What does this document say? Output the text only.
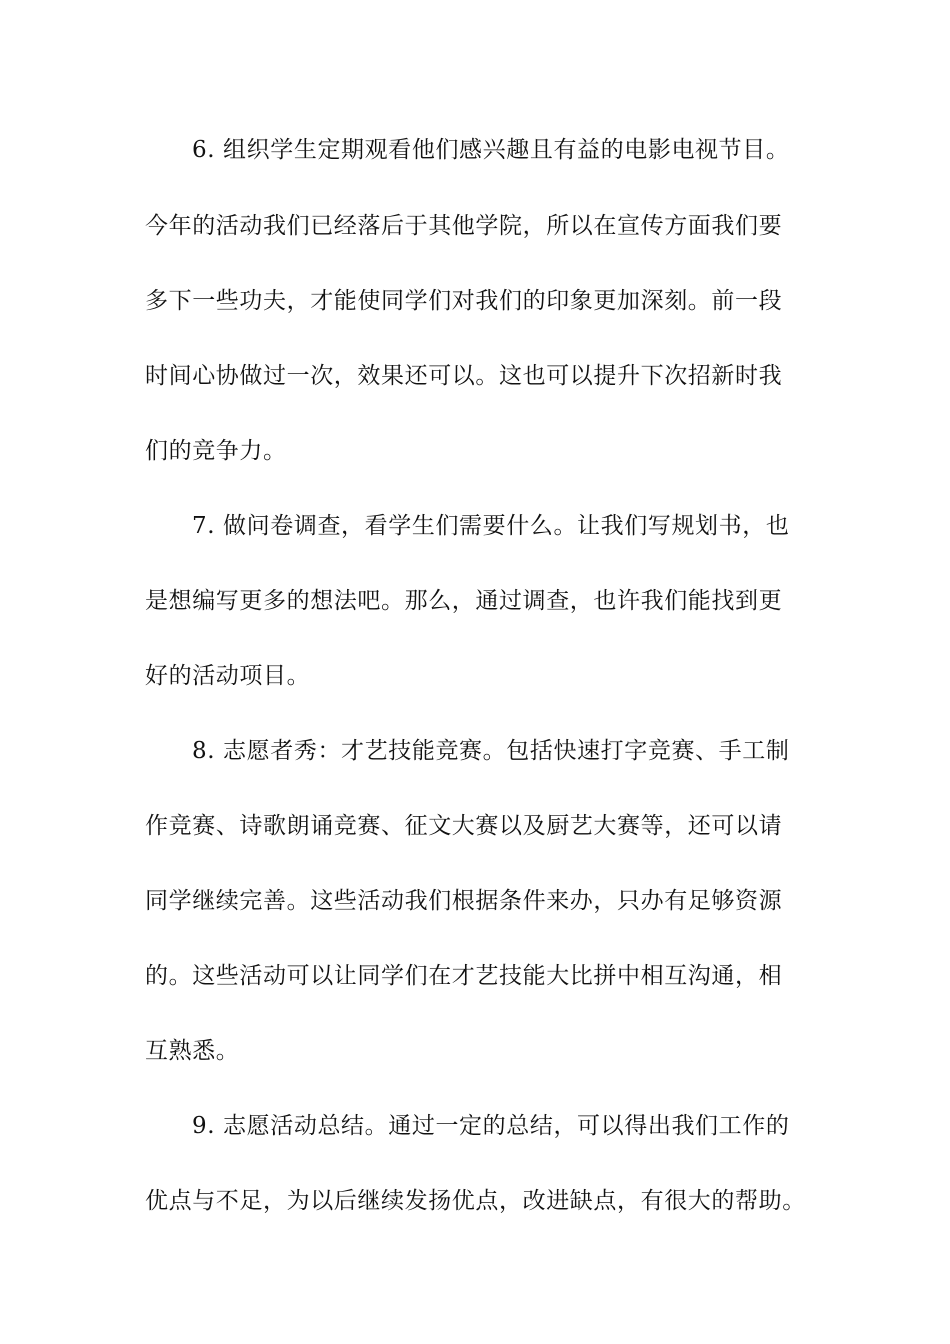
6. 组织学生定期观看他们感兴趣且有益的电影电视节目。
今年的活动我们已经落后于其他学院，所以在宣传方面我们要
多下一些功夫，才能使同学们对我们的印象更加深刻。前一段
时间心协做过一次，效果还可以。这也可以提升下次招新时我
们的竞争力。
7. 做问卷调查，看学生们需要什么。让我们写规划书，也
是想编写更多的想法吧。那么，通过调查，也许我们能找到更
好的活动项目。
8. 志愿者秀：才艺技能竞赛。包括快速打字竞赛、手工制
作竞赛、诗歌朗诵竞赛、征文大赛以及厨艺大赛等，还可以请
同学继续完善。这些活动我们根据条件来办，只办有足够资源
的。这些活动可以让同学们在才艺技能大比拼中相互沟通，相
互熟悉。
9. 志愿活动总结。通过一定的总结，可以得出我们工作的
优点与不足，为以后继续发扬优点，改进缺点，有很大的帮助。
